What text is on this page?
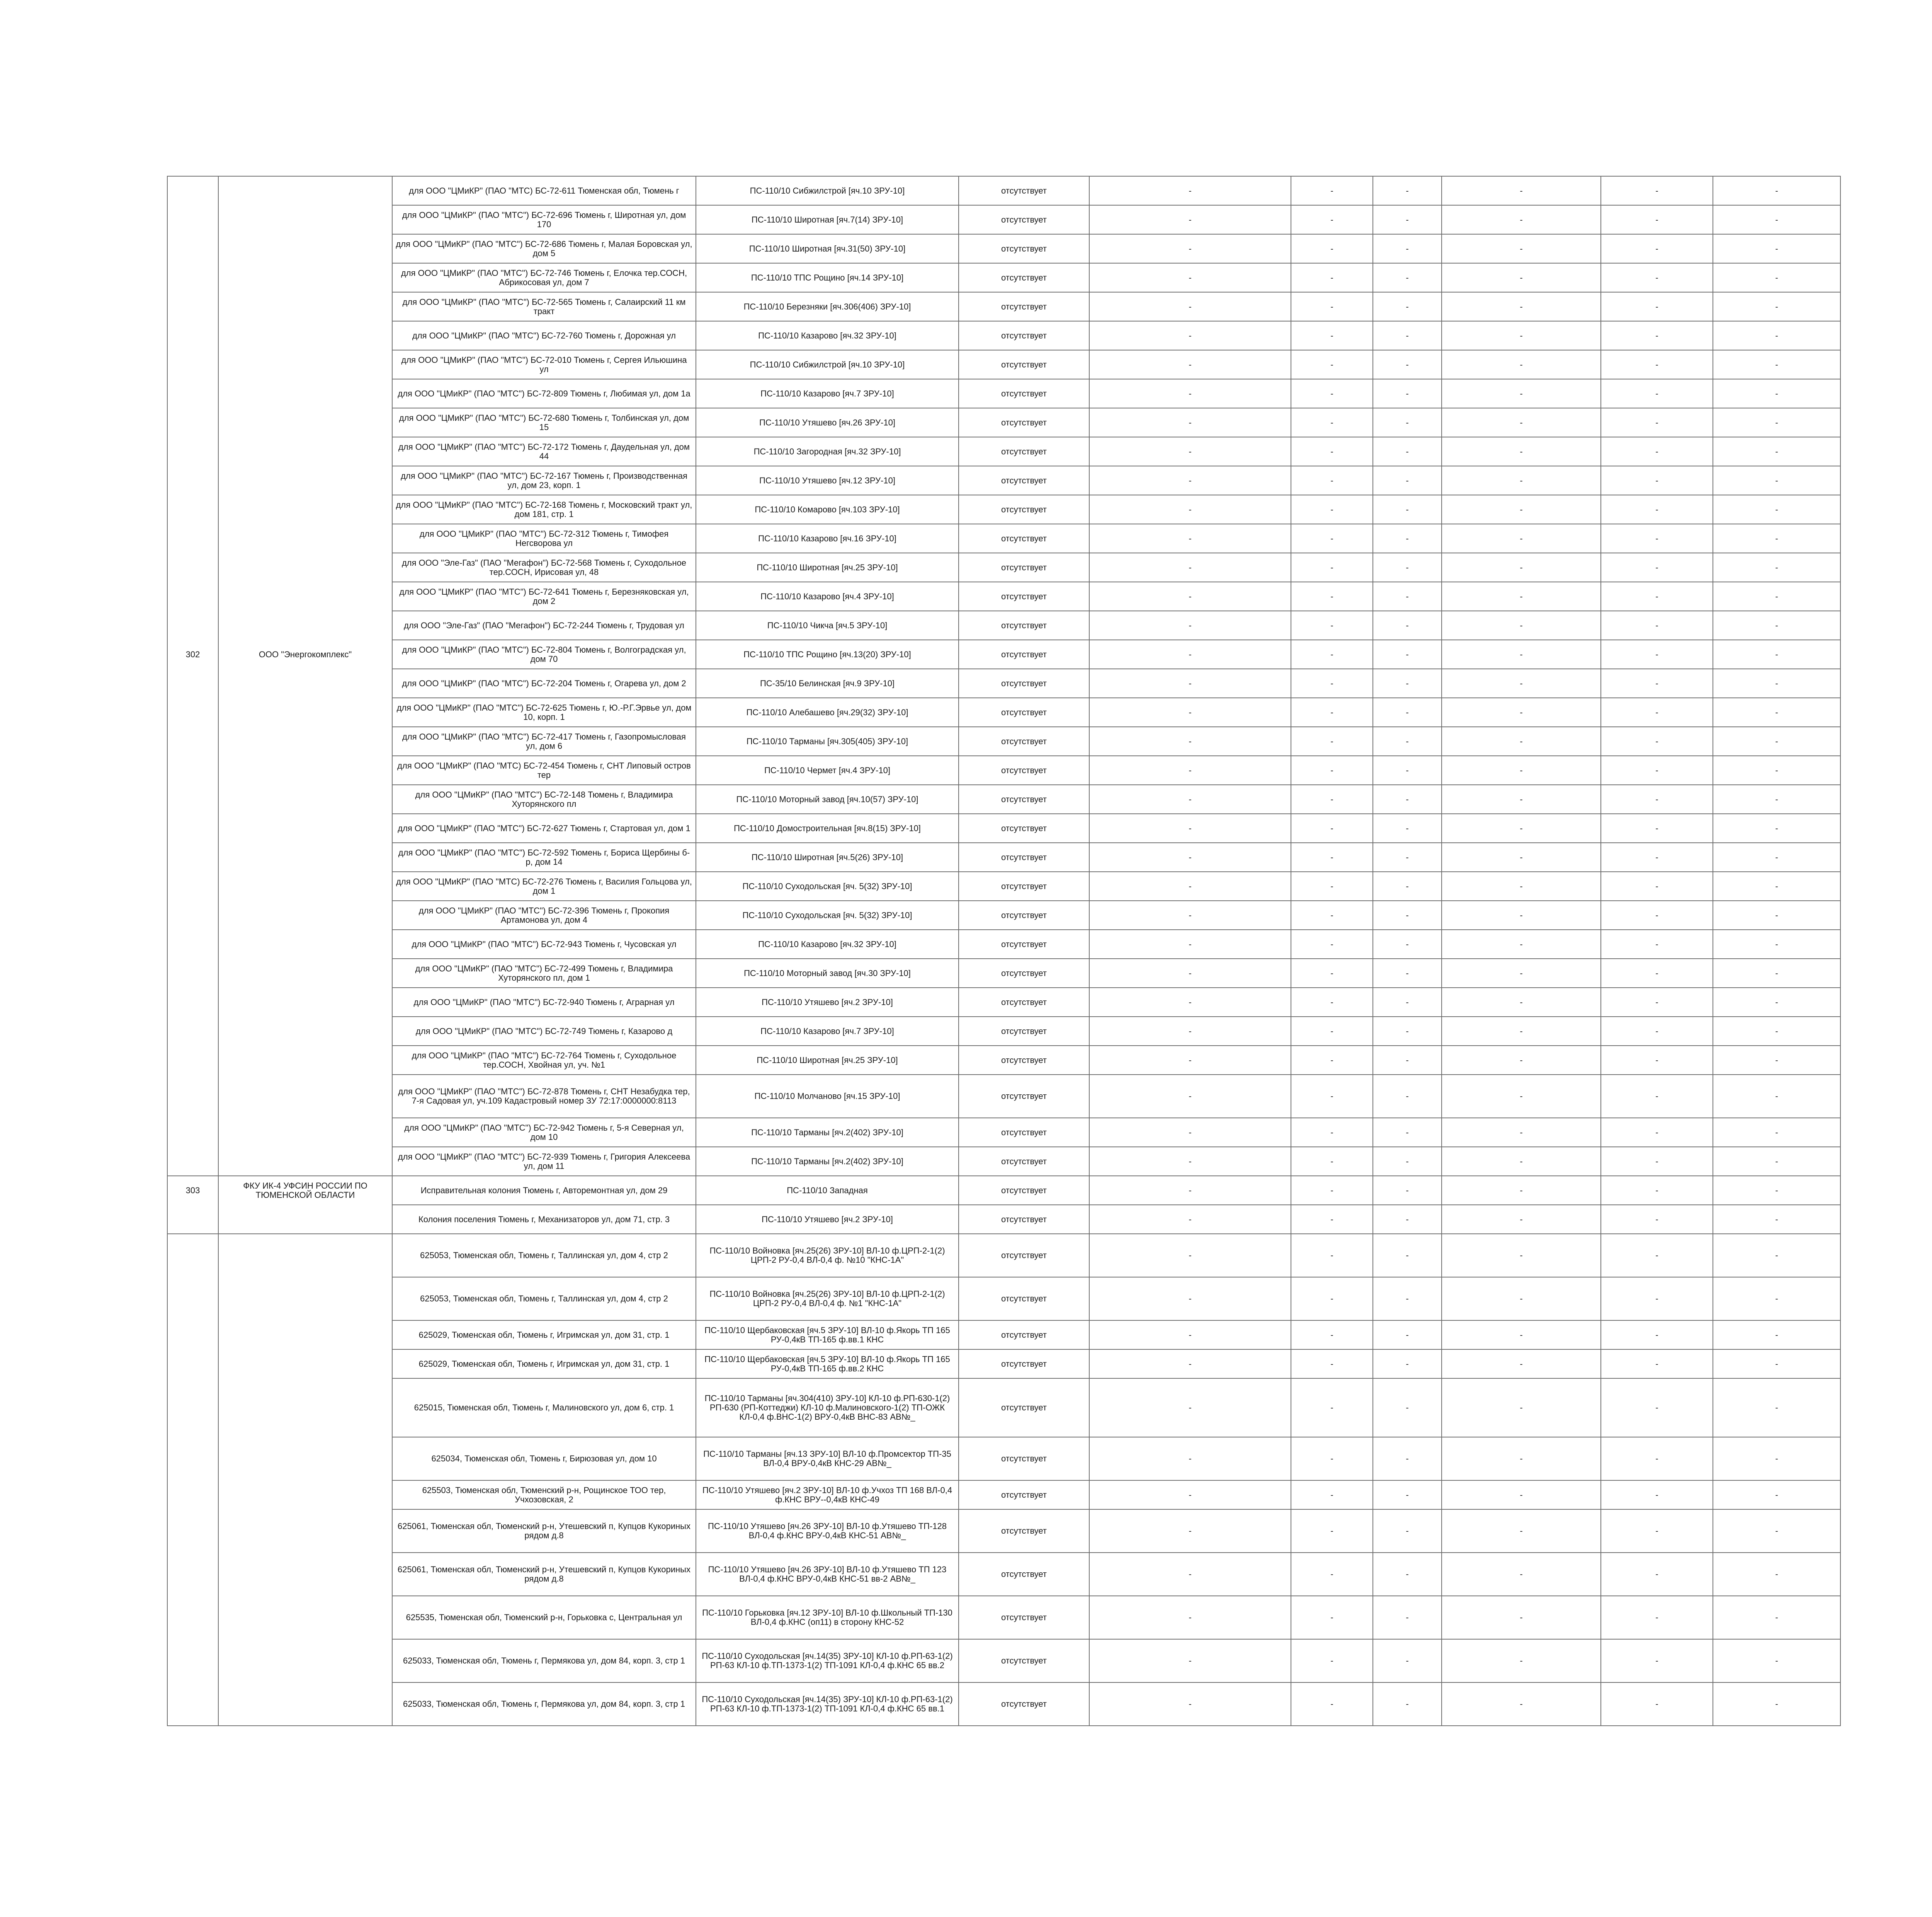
		для ООО "ЦМиКР" (ПАО "МТС) БС-72-611 Тюменская обл, Тюмень г	ПС-110/10 Сибжилстрой [яч.10 ЗРУ-10]	отсутствует	-	-	-	-	-	-
		для ООО "ЦМиКР" (ПАО "МТС") БС-72-696 Тюмень г, Широтная ул, дом 170	ПС-110/10 Широтная [яч.7(14) ЗРУ-10]	отсутствует	-	-	-	-	-	-
		для ООО "ЦМиКР" (ПАО "МТС") БС-72-686 Тюмень г, Малая Боровская ул, дом 5	ПС-110/10 Широтная [яч.31(50) ЗРУ-10]	отсутствует	-	-	-	-	-	-
		для ООО "ЦМиКР" (ПАО "МТС") БС-72-746 Тюмень г, Елочка тер.СОСН, Абрикосовая ул, дом 7	ПС-110/10 ТПС Рощино [яч.14 ЗРУ-10]	отсутствует	-	-	-	-	-	-
		для ООО "ЦМиКР" (ПАО "МТС") БС-72-565 Тюмень г, Салаирский 11 км тракт	ПС-110/10 Березняки [яч.306(406) ЗРУ-10]	отсутствует	-	-	-	-	-	-
		для ООО "ЦМиКР" (ПАО "МТС") БС-72-760 Тюмень г, Дорожная ул	ПС-110/10 Казарово [яч.32 ЗРУ-10]	отсутствует	-	-	-	-	-	-
		для ООО "ЦМиКР" (ПАО "МТС") БС-72-010 Тюмень г, Сергея Ильюшина ул	ПС-110/10 Сибжилстрой [яч.10 ЗРУ-10]	отсутствует	-	-	-	-	-	-
		для ООО "ЦМиКР" (ПАО "МТС") БС-72-809 Тюмень г, Любимая ул, дом 1а	ПС-110/10 Казарово [яч.7 ЗРУ-10]	отсутствует	-	-	-	-	-	-
		для ООО "ЦМиКР" (ПАО "МТС") БС-72-680 Тюмень г, Толбинская ул, дом 15	ПС-110/10 Утяшево [яч.26 ЗРУ-10]	отсутствует	-	-	-	-	-	-
		для ООО "ЦМиКР" (ПАО "МТС") БС-72-172 Тюмень г, Даудельная ул, дом 44	ПС-110/10 Загородная [яч.32 ЗРУ-10]	отсутствует	-	-	-	-	-	-
		для ООО "ЦМиКР" (ПАО "МТС") БС-72-167 Тюмень г, Производственная ул, дом 23, корп. 1	ПС-110/10 Утяшево [яч.12 ЗРУ-10]	отсутствует	-	-	-	-	-	-
		для ООО "ЦМиКР" (ПАО "МТС") БС-72-168 Тюмень г, Московский тракт ул, дом 181, стр. 1	ПС-110/10 Комарово [яч.103 ЗРУ-10]	отсутствует	-	-	-	-	-	-
		для ООО "ЦМиКР" (ПАО "МТС") БС-72-312 Тюмень г, Тимофея Негсворова ул	ПС-110/10 Казарово [яч.16 ЗРУ-10]	отсутствует	-	-	-	-	-	-
		для ООО "Эле-Газ" (ПАО "Мегафон") БС-72-568 Тюмень г, Суходольное тер.СОСН, Ирисовая ул, 48	ПС-110/10 Широтная [яч.25 ЗРУ-10]	отсутствует	-	-	-	-	-	-
		для ООО "ЦМиКР" (ПАО "МТС") БС-72-641 Тюмень г, Березняковская ул, дом 2	ПС-110/10 Казарово [яч.4 ЗРУ-10]	отсутствует	-	-	-	-	-	-
		для ООО "Эле-Газ" (ПАО "Мегафон") БС-72-244 Тюмень г, Трудовая ул	ПС-110/10 Чикча [яч.5 ЗРУ-10]	отсутствует	-	-	-	-	-	-
302	ООО "Энергокомплекс"	для ООО "ЦМиКР" (ПАО "МТС") БС-72-804 Тюмень г, Волгоградская ул, дом 70	ПС-110/10 ТПС Рощино [яч.13(20) ЗРУ-10]	отсутствует	-	-	-	-	-	-
		для ООО "ЦМиКР" (ПАО "МТС") БС-72-204 Тюмень г, Огарева ул, дом 2	ПС-35/10 Белинская [яч.9 ЗРУ-10]	отсутствует	-	-	-	-	-	-
		для ООО "ЦМиКР" (ПАО "МТС") БС-72-625 Тюмень г, Ю.-Р.Г.Эрвье ул, дом 10, корп. 1	ПС-110/10 Алебашево [яч.29(32) ЗРУ-10]	отсутствует	-	-	-	-	-	-
		для ООО "ЦМиКР" (ПАО "МТС") БС-72-417 Тюмень г, Газопромысловая ул, дом 6	ПС-110/10 Тарманы [яч.305(405) ЗРУ-10]	отсутствует	-	-	-	-	-	-
		для ООО "ЦМиКР" (ПАО "МТС) БС-72-454 Тюмень г, СНТ Липовый остров тер	ПС-110/10 Чермет [яч.4 ЗРУ-10]	отсутствует	-	-	-	-	-	-
		для ООО "ЦМиКР" (ПАО "МТС") БС-72-148 Тюмень г, Владимира Хуторянского пл	ПС-110/10 Моторный завод [яч.10(57) ЗРУ-10]	отсутствует	-	-	-	-	-	-
		для ООО "ЦМиКР" (ПАО "МТС") БС-72-627 Тюмень г, Стартовая ул, дом 1	ПС-110/10 Домостроительная [яч.8(15) ЗРУ-10]	отсутствует	-	-	-	-	-	-
		для ООО "ЦМиКР" (ПАО "МТС") БС-72-592 Тюмень г, Бориса Щербины б-р, дом 14	ПС-110/10 Широтная [яч.5(26) ЗРУ-10]	отсутствует	-	-	-	-	-	-
		для ООО "ЦМиКР" (ПАО "МТС) БС-72-276 Тюмень г, Василия Гольцова ул, дом 1	ПС-110/10 Суходольская [яч. 5(32) ЗРУ-10]	отсутствует	-	-	-	-	-	-
		для ООО "ЦМиКР" (ПАО "МТС") БС-72-396 Тюмень г, Прокопия Артамонова ул, дом 4	ПС-110/10 Суходольская [яч. 5(32) ЗРУ-10]	отсутствует	-	-	-	-	-	-
		для ООО "ЦМиКР" (ПАО "МТС") БС-72-943 Тюмень г, Чусовская ул	ПС-110/10 Казарово [яч.32 ЗРУ-10]	отсутствует	-	-	-	-	-	-
		для ООО "ЦМиКР" (ПАО "МТС") БС-72-499 Тюмень г, Владимира Хуторянского пл, дом 1	ПС-110/10 Моторный завод [яч.30 ЗРУ-10]	отсутствует	-	-	-	-	-	-
		для ООО "ЦМиКР" (ПАО "МТС") БС-72-940 Тюмень г, Аграрная ул	ПС-110/10 Утяшево [яч.2 ЗРУ-10]	отсутствует	-	-	-	-	-	-
		для ООО "ЦМиКР" (ПАО "МТС") БС-72-749 Тюмень г, Казарово д	ПС-110/10 Казарово [яч.7 ЗРУ-10]	отсутствует	-	-	-	-	-	-
		для ООО "ЦМиКР" (ПАО "МТС") БС-72-764 Тюмень г, Суходольное тер.СОСН, Хвойная ул, уч. №1	ПС-110/10 Широтная [яч.25 ЗРУ-10]	отсутствует	-	-	-	-	-	-
		для ООО "ЦМиКР" (ПАО "МТС") БС-72-878 Тюмень г, СНТ Незабудка тер, 7-я Садовая ул, уч.109 Кадастровый номер ЗУ 72:17:0000000:8113	ПС-110/10 Молчаново [яч.15 ЗРУ-10]	отсутствует	-	-	-	-	-	-
		для ООО "ЦМиКР" (ПАО "МТС") БС-72-942 Тюмень г, 5-я Северная ул, дом 10	ПС-110/10 Тарманы [яч.2(402) ЗРУ-10]	отсутствует	-	-	-	-	-	-
		для ООО "ЦМиКР" (ПАО "МТС") БС-72-939 Тюмень г, Григория Алексеева ул, дом 11	ПС-110/10 Тарманы [яч.2(402) ЗРУ-10]	отсутствует	-	-	-	-	-	-
303	ФКУ ИК-4 УФСИН РОССИИ ПО ТЮМЕНСКОЙ ОБЛАСТИ	Исправительная колония Тюмень г, Авторемонтная ул, дом 29	ПС-110/10 Западная	отсутствует	-	-	-	-	-	-
		Колония поселения Тюмень г, Механизаторов ул, дом 71, стр. 3	ПС-110/10 Утяшево [яч.2 ЗРУ-10]	отсутствует	-	-	-	-	-	-
		625053, Тюменская обл, Тюмень г, Таллинская ул, дом 4, стр 2	ПС-110/10 Войновка [яч.25(26) ЗРУ-10] ВЛ-10 ф.ЦРП-2-1(2) ЦРП-2 РУ-0,4 ВЛ-0,4 ф. №10 "КНС-1А"	отсутствует	-	-	-	-	-	-
		625053, Тюменская обл, Тюмень г, Таллинская ул, дом 4, стр 2	ПС-110/10 Войновка [яч.25(26) ЗРУ-10] ВЛ-10 ф.ЦРП-2-1(2) ЦРП-2 РУ-0,4 ВЛ-0,4 ф. №1 "КНС-1А"	отсутствует	-	-	-	-	-	-
		625029, Тюменская обл, Тюмень г, Игримская ул, дом 31, стр. 1	ПС-110/10 Щербаковская [яч.5 ЗРУ-10] ВЛ-10 ф.Якорь ТП 165 РУ-0,4кВ ТП-165 ф.вв.1 КНС	отсутствует	-	-	-	-	-	-
		625029, Тюменская обл, Тюмень г, Игримская ул, дом 31, стр. 1	ПС-110/10 Щербаковская [яч.5 ЗРУ-10] ВЛ-10 ф.Якорь ТП 165 РУ-0,4кВ ТП-165 ф.вв.2 КНС	отсутствует	-	-	-	-	-	-
		625015, Тюменская обл, Тюмень г, Малиновского ул, дом 6, стр. 1	ПС-110/10 Тарманы [яч.304(410) ЗРУ-10] КЛ-10 ф.РП-630-1(2) РП-630 (РП-Коттеджи) КЛ-10 ф.Малиновского-1(2) ТП-ОЖК КЛ-0,4 ф.ВНС-1(2) ВРУ-0,4кВ ВНС-83 АВ№_	отсутствует	-	-	-	-	-	-
		625034, Тюменская обл, Тюмень г, Бирюзовая ул, дом 10	ПС-110/10 Тарманы [яч.13 ЗРУ-10] ВЛ-10 ф.Промсектор ТП-35 ВЛ-0,4 ВРУ-0,4кВ КНС-29 АВ№_	отсутствует	-	-	-	-	-	-
		625503, Тюменская обл, Тюменский р-н, Рощинское ТОО тер, Учхозовская, 2	ПС-110/10 Утяшево [яч.2 ЗРУ-10] ВЛ-10 ф.Учхоз ТП 168 ВЛ-0,4 ф.КНС ВРУ--0,4кВ КНС-49	отсутствует	-	-	-	-	-	-
		625061, Тюменская обл, Тюменский р-н, Утешевский п, Купцов Кукориных рядом д.8	ПС-110/10 Утяшево [яч.26 ЗРУ-10] ВЛ-10 ф.Утяшево ТП-128 ВЛ-0,4 ф.КНС ВРУ-0,4кВ КНС-51 АВ№_	отсутствует	-	-	-	-	-	-
		625061, Тюменская обл, Тюменский р-н, Утешевский п, Купцов Кукориных рядом д.8	ПС-110/10 Утяшево [яч.26 ЗРУ-10] ВЛ-10 ф.Утяшево ТП 123 ВЛ-0,4 ф.КНС ВРУ-0,4кВ КНС-51 вв-2 АВ№_	отсутствует	-	-	-	-	-	-
		625535, Тюменская обл, Тюменский р-н, Горьковка с, Центральная ул	ПС-110/10 Горьковка [яч.12 ЗРУ-10] ВЛ-10 ф.Школьный ТП-130 ВЛ-0,4 ф.КНС (оп11) в сторону КНС-52	отсутствует	-	-	-	-	-	-
		625033, Тюменская обл, Тюмень г, Пермякова ул, дом 84, корп. 3, стр 1	ПС-110/10 Суходольская [яч.14(35) ЗРУ-10] КЛ-10 ф.РП-63-1(2) РП-63 КЛ-10 ф.ТП-1373-1(2) ТП-1091 КЛ-0,4 ф.КНС 65 вв.2	отсутствует	-	-	-	-	-	-
		625033, Тюменская обл, Тюмень г, Пермякова ул, дом 84, корп. 3, стр 1	ПС-110/10 Суходольская [яч.14(35) ЗРУ-10] КЛ-10 ф.РП-63-1(2) РП-63 КЛ-10 ф.ТП-1373-1(2) ТП-1091 КЛ-0,4 ф.КНС 65 вв.1	отсутствует	-	-	-	-	-	-
